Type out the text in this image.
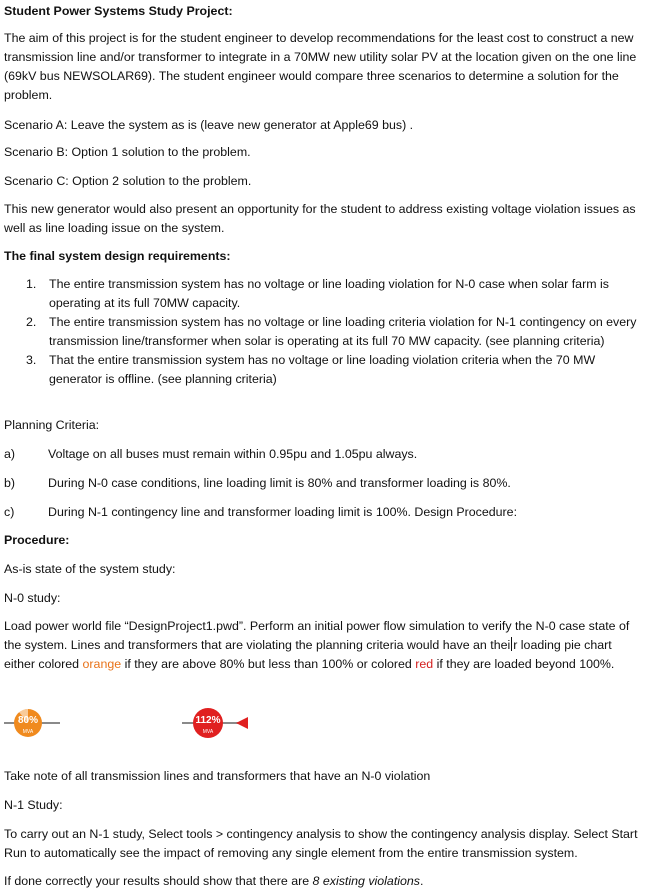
Student Power Systems Study Project:

The aim of this project is for the student engineer to develop recommendations for the least cost to construct a new transmission line and/or transformer to integrate in a 70MW new utility solar PV at the location given on the one line (69kV bus NEWSOLAR69). The student engineer would compare three scenarios to determine a solution for the problem.

Scenario A: Leave the system as is (leave new generator at Apple69 bus) .

Scenario B: Option 1 solution to the problem.

Scenario C: Option 2 solution to the problem.

This new generator would also present an opportunity for the student to address existing voltage violation issues as well as line loading issue on the system.

The final system design requirements:

1. The entire transmission system has no voltage or line loading violation for N-0 case when solar farm is operating at its full 70MW capacity.
2. The entire transmission system has no voltage or line loading criteria violation for N-1 contingency on every transmission line/transformer when solar is operating at its full 70 MW capacity. (see planning criteria)
3. That the entire transmission system has no voltage or line loading violation criteria when the 70 MW generator is offline. (see planning criteria)

Planning Criteria:

a)	Voltage on all buses must remain within 0.95pu and 1.05pu always.
b)	During N-0 case conditions, line loading limit is 80% and transformer loading is 80%.
c)	During N-1 contingency line and transformer loading limit is 100%. Design Procedure:

Procedure:

As-is state of the system study:

N-0 study:

Load power world file “DesignProject1.pwd”. Perform an initial power flow simulation to verify the N-0 case state of the system. Lines and transformers that are violating the planning criteria would have an thei r loading pie chart either colored orange if they are above 80% but less than 100% or colored red if they are loaded beyond 100%.

80%
MVA
112%
MVA

Take note of all transmission lines and transformers that have an N-0 violation

N-1 Study:

To carry out an N-1 study, Select tools > contingency analysis to show the contingency analysis display. Select Start Run to automatically see the impact of removing any single element from the entire transmission system.

If done correctly your results should show that there are 8 existing violations.
